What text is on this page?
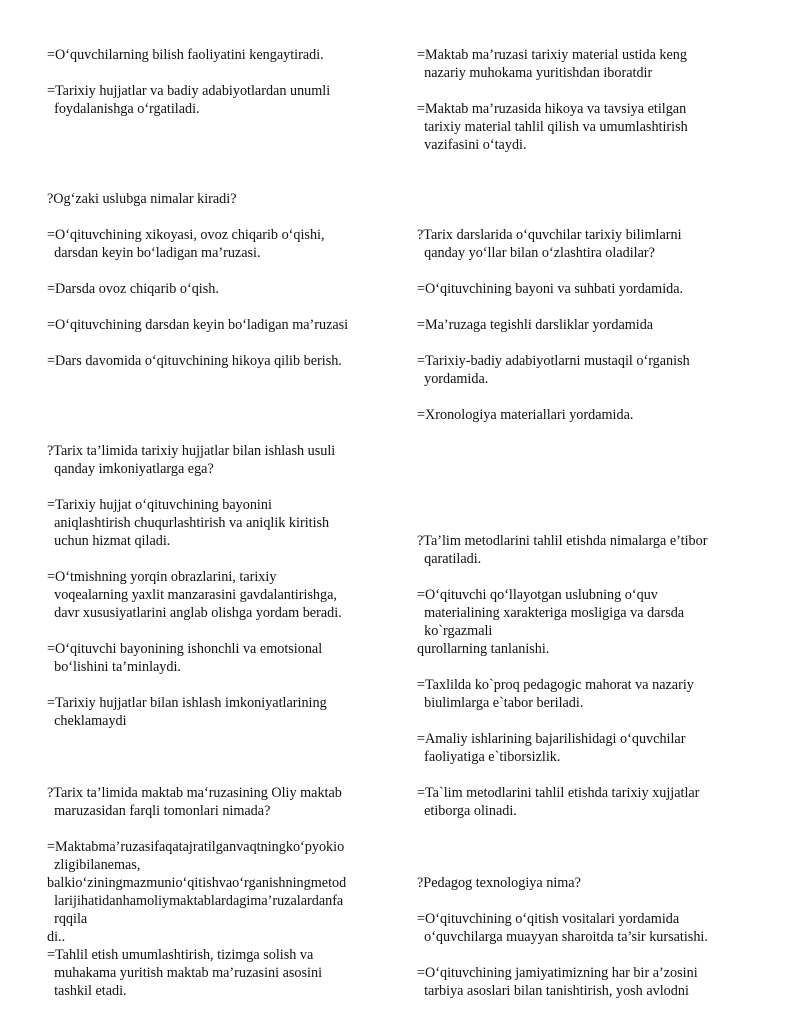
=O‘quvchilarning bilish faoliyatini kengaytiradi.
=Tarixiy hujjatlar va badiy adabiyotlardan unumli
foydalanishga o‘rgatiladi.
?Og‘zaki uslubga nimalar kiradi?
=O‘qituvchining xikoyasi, ovoz chiqarib o‘qishi,
darsdan keyin bo‘ladigan ma’ruzasi.
=Darsda ovoz chiqarib o‘qish.
=O‘qituvchining darsdan keyin bo‘ladigan ma’ruzasi
=Dars davomida o‘qituvchining hikoya qilib berish.
?Tarix ta’limida tarixiy hujjatlar bilan ishlash usuli
qanday imkoniyatlarga ega?
=Tarixiy hujjat o‘qituvchining bayonini
aniqlashtirish chuqurlashtirish va aniqlik kiritish
uchun hizmat qiladi.
=O‘tmishning yorqin obrazlarini, tarixiy
voqealarning yaxlit manzarasini gavdalantirishga,
davr xususiyatlarini anglab olishga yordam beradi.
=O‘qituvchi bayonining ishonchli va emotsional
bo‘lishini ta’minlaydi.
=Tarixiy hujjatlar bilan ishlash imkoniyatlarining
cheklamaydi
?Tarix ta’limida maktab ma‘ruzasining Oliy maktab
maruzasidan farqli tomonlari nimada?
=Maktabma’ruzasifaqatajratilganvaqtningko‘pyokio
zligibilanemas,
balkio‘ziningmazmunio‘qitishvao‘rganishningmetod
larijihatidanhamoliymaktablardagima’ruzalardanfa
rqqila
di..
=Tahlil etish umumlashtirish, tizimga solish va
muhakama yuritish maktab ma’ruzasini asosini
tashkil etadi.
=Maktab ma’ruzasi tarixiy material ustida keng
nazariy muhokama yuritishdan iboratdir
=Maktab ma’ruzasida hikoya va tavsiya etilgan
tarixiy material tahlil qilish va umumlashtirish
vazifasini o‘taydi.
?Tarix darslarida o‘quvchilar tarixiy bilimlarni
qanday yo‘llar bilan o‘zlashtira oladilar?
=O‘qituvchining bayoni va suhbati yordamida.
=Ma’ruzaga tegishli darsliklar yordamida
=Tarixiy-badiy adabiyotlarni mustaqil o‘rganish
yordamida.
=Xronologiya materiallari yordamida.
?Ta’lim metodlarini tahlil etishda nimalarga e’tibor
qaratiladi.
=O‘qituvchi qo‘llayotgan uslubning o‘quv
materialining xarakteriga mosligiga va darsda
ko`rgazmali
qurollarning tanlanishi.
=Taxlilda ko`proq pedagogic mahorat va nazariy
biulimlarga e`tabor beriladi.
=Amaliy ishlarining bajarilishidagi o‘quvchilar
faoliyatiga e`tiborsizlik.
=Ta`lim metodlarini tahlil etishda tarixiy xujjatlar
etiborga olinadi.
?Pedagog texnologiya nima?
=O‘qituvchining o‘qitish vositalari yordamida
o‘quvchilarga muayyan sharoitda ta’sir kursatishi.
=O‘qituvchining jamiyatimizning har bir a’zosini
tarbiya asoslari bilan tanishtirish, yosh avlodni
